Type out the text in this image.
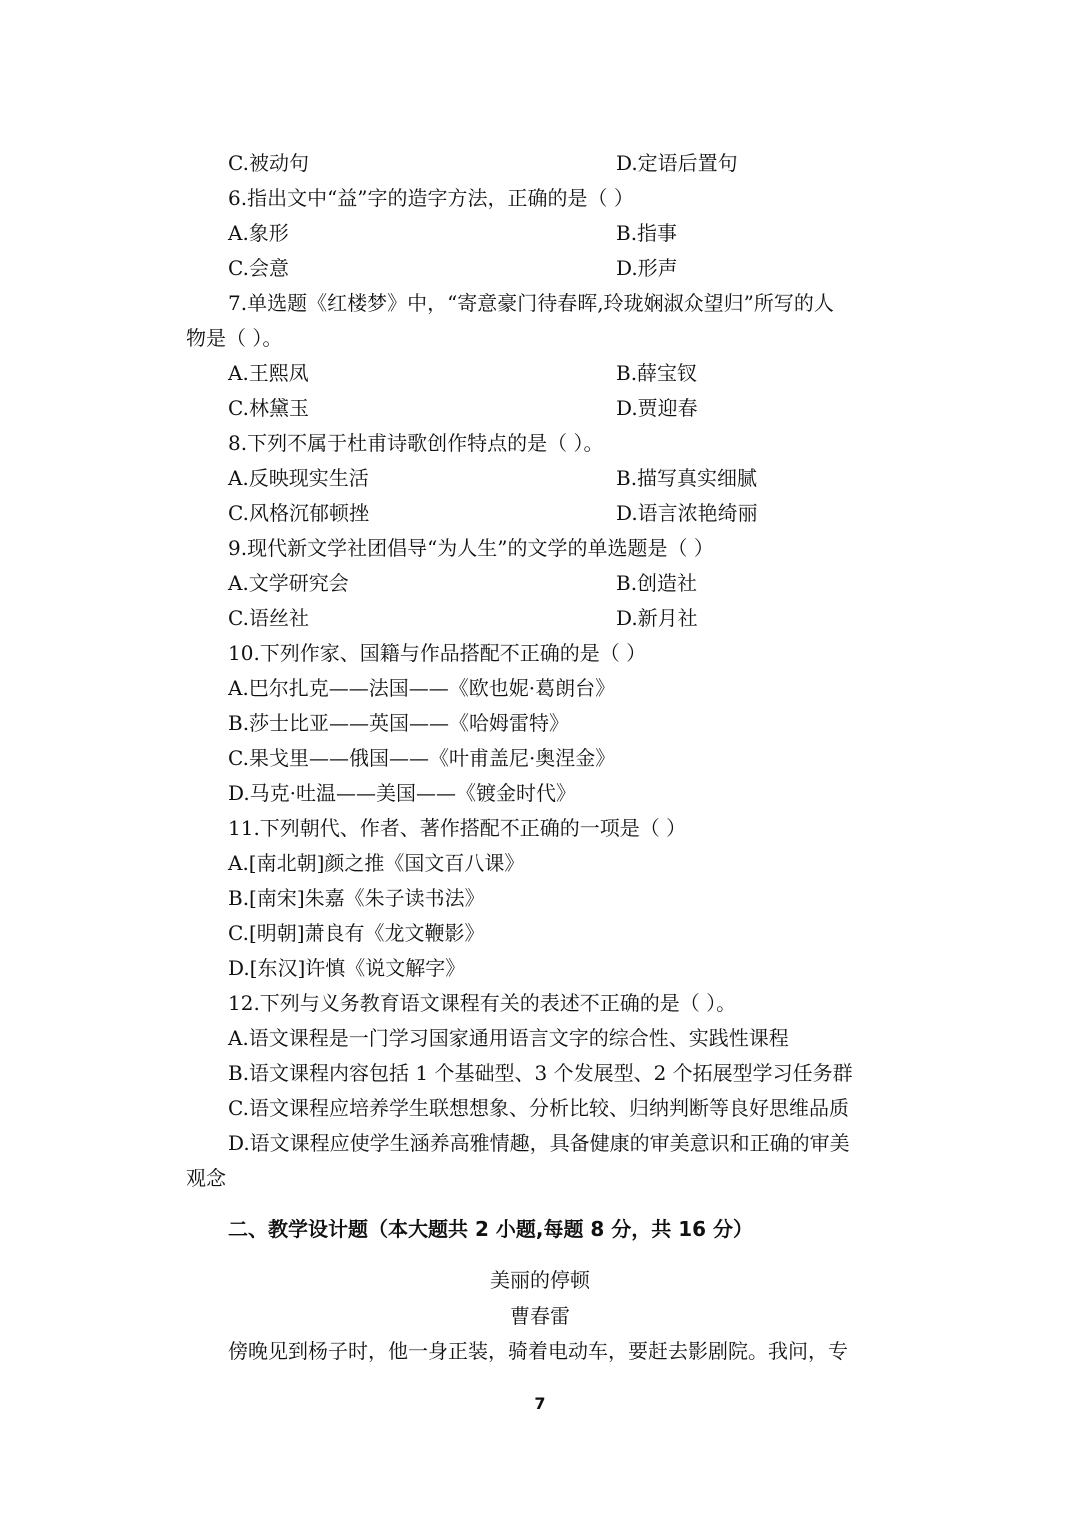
C.被动句	D.定语后置句
6.指出文中“益”字的造字方法，正确的是（ ）
A.象形	B.指事
C.会意	D.形声
7.单选题《红楼梦》中，“寄意豪门待春晖,玲珑娴淑众望归”所写的人
物是（ ）。
A.王熙凤	B.薛宝钗
C.林黛玉	D.贾迎春
8.下列不属于杜甫诗歌创作特点的是（ ）。
A.反映现实生活	B.描写真实细腻
C.风格沉郁顿挫	D.语言浓艳绮丽
9.现代新文学社团倡导“为人生”的文学的单选题是（ ）
A.文学研究会	B.创造社
C.语丝社	D.新月社
10.下列作家、国籍与作品搭配不正确的是（ ）
A.巴尔扎克——法国——《欧也妮·葛朗台》
B.莎士比亚——英国——《哈姆雷特》
C.果戈里——俄国——《叶甫盖尼·奥涅金》
D.马克·吐温——美国——《镀金时代》
11.下列朝代、作者、著作搭配不正确的一项是（ ）
A.[南北朝]颜之推《国文百八课》
B.[南宋]朱嘉《朱子读书法》
C.[明朝]萧良有《龙文鞭影》
D.[东汉]许慎《说文解字》
12.下列与义务教育语文课程有关的表述不正确的是（ ）。
A.语文课程是一门学习国家通用语言文字的综合性、实践性课程
B.语文课程内容包括 1 个基础型、3 个发展型、2 个拓展型学习任务群
C.语文课程应培养学生联想想象、分析比较、归纳判断等良好思维品质
D.语文课程应使学生涵养高雅情趣，具备健康的审美意识和正确的审美
观念
二、教学设计题（本大题共 2 小题,每题 8 分，共 16 分）
美丽的停顿
曹春雷
傍晚见到杨子时，他一身正装，骑着电动车，要赶去影剧院。我问，专
7
